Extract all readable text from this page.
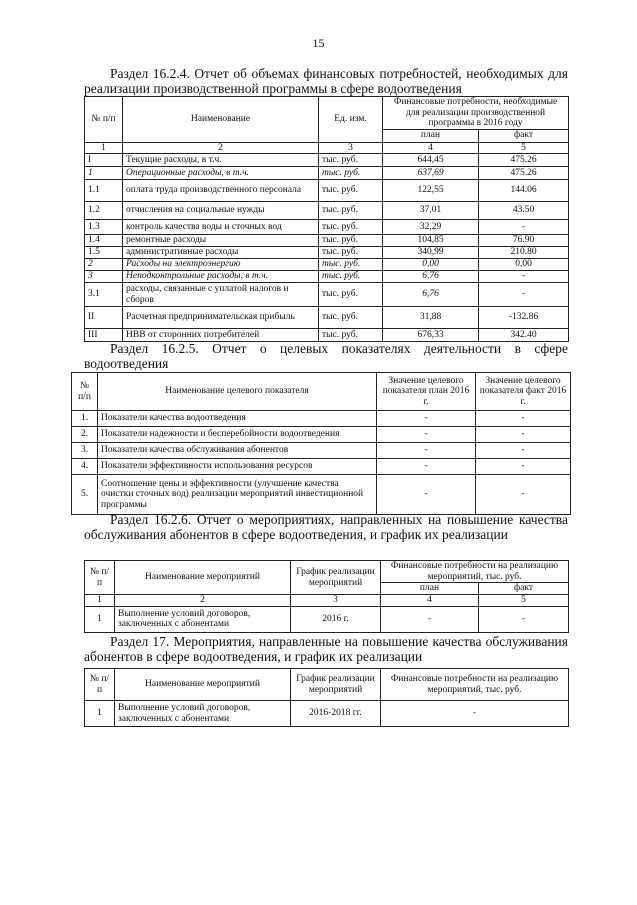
15
Раздел 16.2.4. Отчет об объемах финансовых потребностей, необходимых для реализации производственной программы в сфере водоотведения
№ п/п	Наименование	Ед. изм.	Финансовые потребности, необходимые для реализации производственной программы в 2016 году	
			план	факт
1	2	3	4	5
I	Текущие расходы, в т.ч.	тыс. руб.	644,45	475.26
1	Операционные расходы, в т.ч.	тыс. руб.	637,69	475.26
1.1	оплата труда производственного персонала	тыс. руб.	122,55	144.06
1.2	отчисления на социальные нужды	тыс. руб.	37,01	43.50
1.3	контроль качества воды и сточных вод	тыс. руб.	32,29	-
1.4	ремонтные расходы	тыс. руб.	104,85	76.90
1.5	административные расходы	тыс. руб.	340,99	210.80
2	Расходы на электроэнергию	тыс. руб.	0,00	0,00
3	Неподконтрольные расходы, в т.ч.	тыс. руб.	6,76	-
3.1	расходы, связанные с уплатой налогов и сборов	тыс. руб.	6,76	-
II	Расчетная предпринимательская прибыль	тыс. руб.	31,88	-132.86
III	НВВ от сторонних потребителей	тыс. руб.	676,33	342.40
Раздел 16.2.5. Отчет о целевых показателях деятельности в сфере водоотведения
№ п/п	Наименование целевого показателя	Значение целевого показателя план 2016 г.	Значение целевого показателя факт 2016 г.
1.	Показатели качества водоотведения	-	-
2.	Показатели надежности и бесперебойности водоотведения	-	-
3.	Показатели качества обслуживания абонентов	-	-
4.	Показатели эффективности использования ресурсов	-	-
5.	Соотношение цены и эффективности (улучшение качества очистки сточных вод) реализации мероприятий инвестиционной программы	-	-
Раздел 16.2.6. Отчет о мероприятиях, направленных на повышение качества обслуживания абонентов в сфере водоотведения, и график их реализации
№ п/п	Наименование мероприятий	График реализации мероприятий	Финансовые потребности на реализацию мероприятий, тыс. руб.	
			план	факт
1	2	3	4	5
1	Выполнение условий договоров, заключенных с абонентами	2016 г.	-	-
Раздел 17. Мероприятия, направленные на повышение качества обслуживания абонентов в сфере водоотведения, и график их реализации
№ п/п	Наименование мероприятий	График реализации мероприятий	Финансовые потребности на реализацию мероприятий, тыс. руб.
1	Выполнение условий договоров, заключенных с абонентами	2016-2018 гг.	-
